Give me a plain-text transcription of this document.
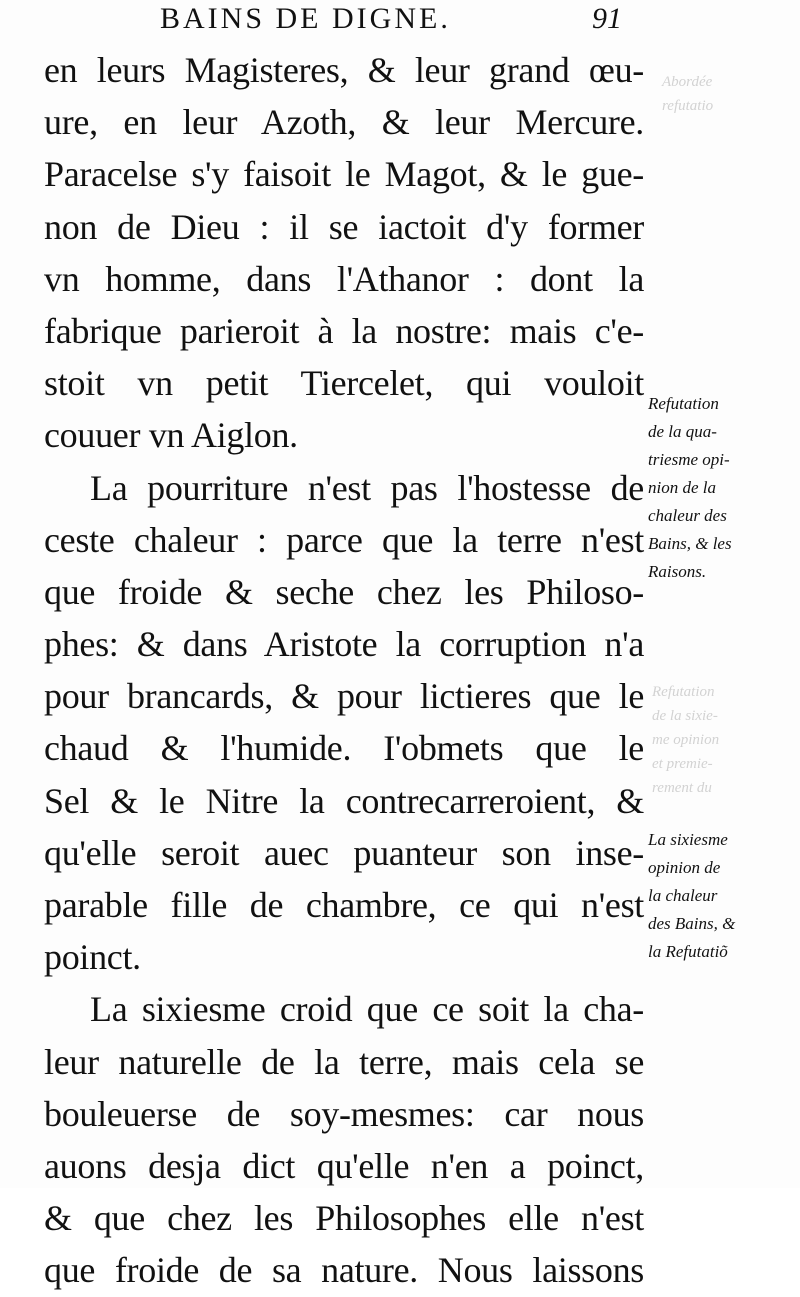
BAINS DE DIGNE.	91
Abordée
refutatio
Refutation
de la sixie-
me opinion
et premie-
rement du
en leurs Magisteres, & leur grand œu-
ure, en leur Azoth, & leur Mercure.
Paracelse s'y faisoit le Magot, & le gue-
non de Dieu : il se iactoit d'y former
vn homme, dans l'Athanor : dont la
fabrique parieroit à la nostre: mais c'e-
stoit vn petit Tiercelet, qui vouloit
couuer vn Aiglon.
La pourriture n'est pas l'hostesse de
ceste chaleur : parce que la terre n'est
que froide & seche chez les Philoso-
phes: & dans Aristote la corruption n'a
pour brancards, & pour lictieres que le
chaud & l'humide. I'obmets que le
Sel & le Nitre la contrecarreroient, &
qu'elle seroit auec puanteur son inse-
parable fille de chambre, ce qui n'est
poinct.
La sixiesme croid que ce soit la cha-
leur naturelle de la terre, mais cela se
bouleuerse de soy-mesmes: car nous
auons desja dict qu'elle n'en a poinct,
& que chez les Philosophes elle n'est
que froide de sa nature. Nous laissons
Refutation
de la qua-
triesme opi-
nion de la
chaleur des
Bains, & les
Raisons.
La sixiesme
opinion de
la chaleur
des Bains, &
la Refutatiõ
